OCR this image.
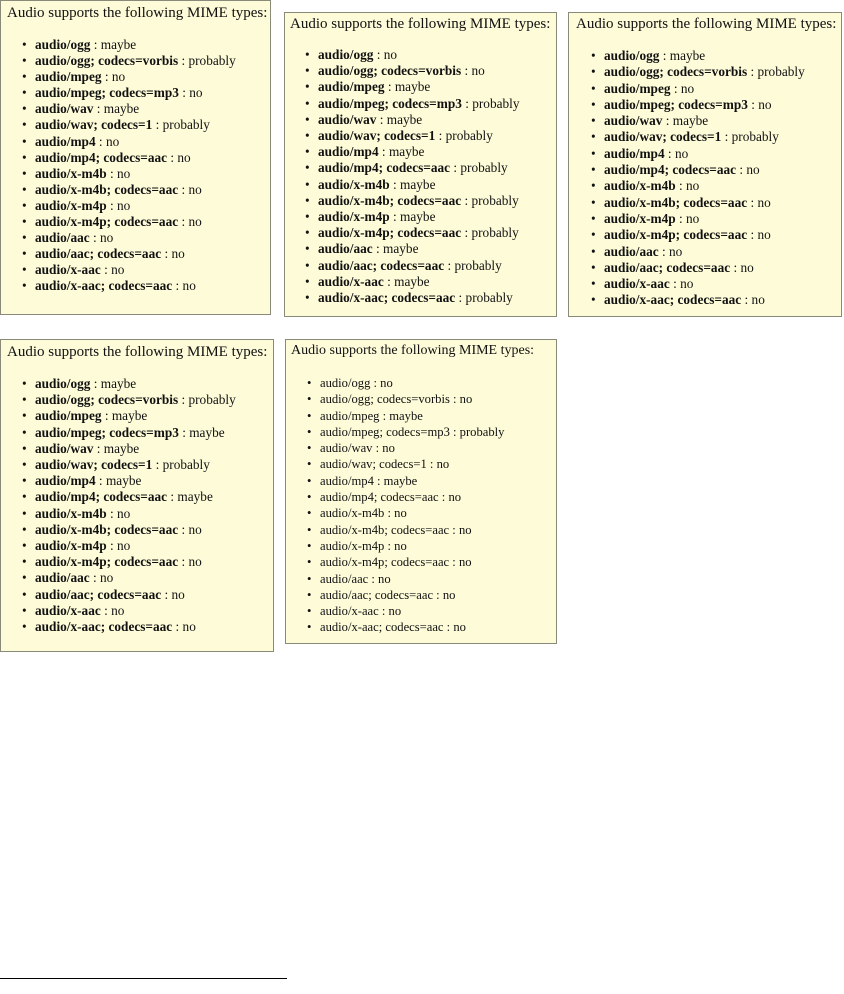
Audio supports the following MIME types:
• audio/ogg : maybe
• audio/ogg; codecs=vorbis : probably
• audio/mpeg : no
• audio/mpeg; codecs=mp3 : no
• audio/wav : maybe
• audio/wav; codecs=1 : probably
• audio/mp4 : no
• audio/mp4; codecs=aac : no
• audio/x-m4b : no
• audio/x-m4b; codecs=aac : no
• audio/x-m4p : no
• audio/x-m4p; codecs=aac : no
• audio/aac : no
• audio/aac; codecs=aac : no
• audio/x-aac : no
• audio/x-aac; codecs=aac : no
Audio supports the following MIME types:
• audio/ogg : no
• audio/ogg; codecs=vorbis : no
• audio/mpeg : maybe
• audio/mpeg; codecs=mp3 : probably
• audio/wav : maybe
• audio/wav; codecs=1 : probably
• audio/mp4 : maybe
• audio/mp4; codecs=aac : probably
• audio/x-m4b : maybe
• audio/x-m4b; codecs=aac : probably
• audio/x-m4p : maybe
• audio/x-m4p; codecs=aac : probably
• audio/aac : maybe
• audio/aac; codecs=aac : probably
• audio/x-aac : maybe
• audio/x-aac; codecs=aac : probably
Audio supports the following MIME types:
• audio/ogg : maybe
• audio/ogg; codecs=vorbis : probably
• audio/mpeg : no
• audio/mpeg; codecs=mp3 : no
• audio/wav : maybe
• audio/wav; codecs=1 : probably
• audio/mp4 : no
• audio/mp4; codecs=aac : no
• audio/x-m4b : no
• audio/x-m4b; codecs=aac : no
• audio/x-m4p : no
• audio/x-m4p; codecs=aac : no
• audio/aac : no
• audio/aac; codecs=aac : no
• audio/x-aac : no
• audio/x-aac; codecs=aac : no
Audio supports the following MIME types:
• audio/ogg : maybe
• audio/ogg; codecs=vorbis : probably
• audio/mpeg : maybe
• audio/mpeg; codecs=mp3 : maybe
• audio/wav : maybe
• audio/wav; codecs=1 : probably
• audio/mp4 : maybe
• audio/mp4; codecs=aac : maybe
• audio/x-m4b : no
• audio/x-m4b; codecs=aac : no
• audio/x-m4p : no
• audio/x-m4p; codecs=aac : no
• audio/aac : no
• audio/aac; codecs=aac : no
• audio/x-aac : no
• audio/x-aac; codecs=aac : no
Audio supports the following MIME types:
• audio/ogg : no
• audio/ogg; codecs=vorbis : no
• audio/mpeg : maybe
• audio/mpeg; codecs=mp3 : probably
• audio/wav : no
• audio/wav; codecs=1 : no
• audio/mp4 : maybe
• audio/mp4; codecs=aac : no
• audio/x-m4b : no
• audio/x-m4b; codecs=aac : no
• audio/x-m4p : no
• audio/x-m4p; codecs=aac : no
• audio/aac : no
• audio/aac; codecs=aac : no
• audio/x-aac : no
• audio/x-aac; codecs=aac : no
